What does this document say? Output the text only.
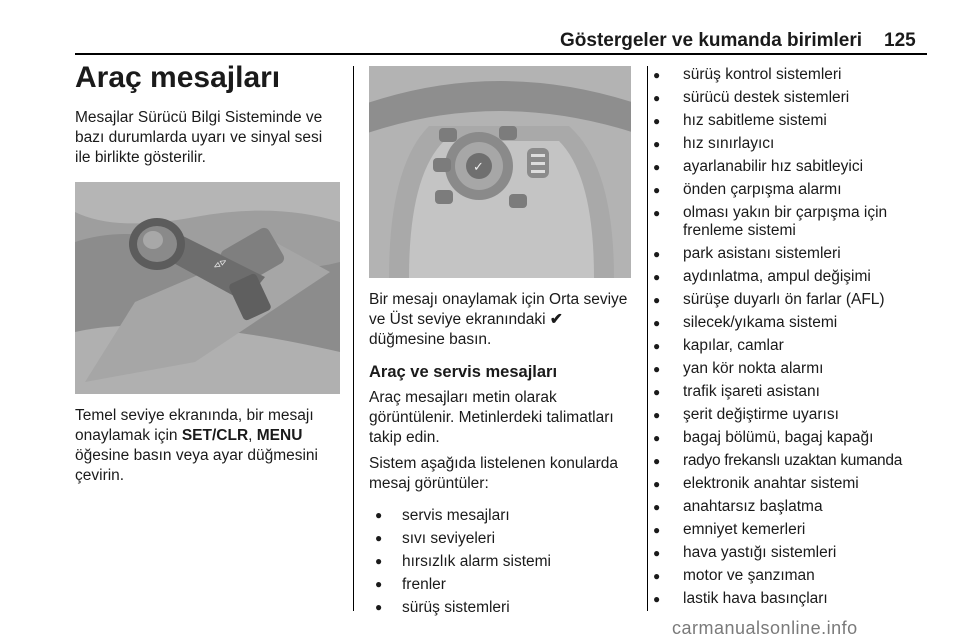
Göstergeler ve kumanda birimleri 125
Araç mesajları

Mesajlar Sürücü Bilgi Sisteminde ve bazı durumlarda uyarı ve sinyal sesi ile birlikte gösterilir.

⊲⊳

Temel seviye ekranında, bir mesajı onaylamak için SET/CLR, MENU öğesine basın veya ayar düğmesini çevirin.

✓

Bir mesajı onaylamak için Orta seviye ve Üst seviye ekranındaki ✔
düğmesine basın.

Araç ve servis mesajları

Araç mesajları metin olarak görüntülenir. Metinlerdeki talimatları takip edin.

Sistem aşağıda listelenen konularda mesaj görüntüler:

● servis mesajları
● sıvı seviyeleri
● hırsızlık alarm sistemi
● frenler
● sürüş sistemleri
● sürüş kontrol sistemleri
● sürücü destek sistemleri
● hız sabitleme sistemi
● hız sınırlayıcı
● ayarlanabilir hız sabitleyici
● önden çarpışma alarmı
● olması yakın bir çarpışma için frenleme sistemi
● park asistanı sistemleri
● aydınlatma, ampul değişimi
● sürüşe duyarlı ön farlar (AFL)
● silecek/yıkama sistemi
● kapılar, camlar
● yan kör nokta alarmı
● trafik işareti asistanı
● şerit değiştirme uyarısı
● bagaj bölümü, bagaj kapağı
● radyo frekanslı uzaktan kumanda
● elektronik anahtar sistemi
● anahtarsız başlatma
● emniyet kemerleri
● hava yastığı sistemleri
● motor ve şanzıman
● lastik hava basınçları
carmanualsonline.info
